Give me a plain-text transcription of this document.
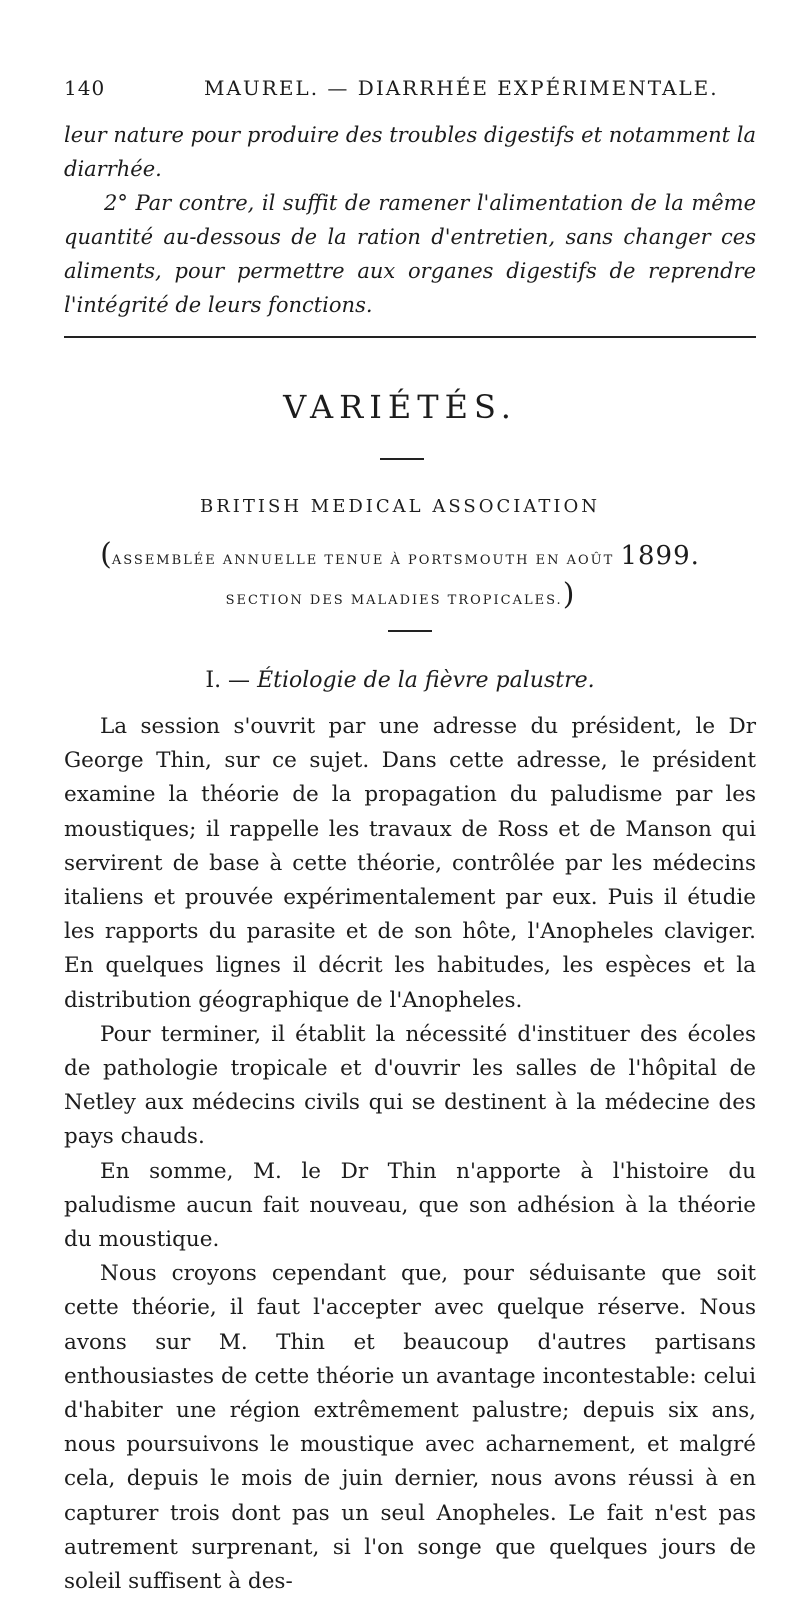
140	MAUREL. — DIARRHÉE EXPÉRIMENTALE.

leur nature pour produire des troubles digestifs et notamment la diarrhée.

2° Par contre, il suffit de ramener l'alimentation de la même quantité au-dessous de la ration d'entretien, sans changer ces aliments, pour permettre aux organes digestifs de reprendre l'intégrité de leurs fonctions.

VARIÉTÉS.
BRITISH MEDICAL ASSOCIATION
(ASSEMBLÉE ANNUELLE TENUE À PORTSMOUTH EN AOÛT 1899.
SECTION DES MALADIES TROPICALES.)
I. — Étiologie de la fièvre palustre.

La session s'ouvrit par une adresse du président, le Dr George Thin, sur ce sujet. Dans cette adresse, le président examine la théorie de la propagation du paludisme par les moustiques; il rappelle les travaux de Ross et de Manson qui servirent de base à cette théorie, contrôlée par les médecins italiens et prouvée expérimentalement par eux. Puis il étudie les rapports du parasite et de son hôte, l'Anopheles claviger. En quelques lignes il décrit les habitudes, les espèces et la distribution géographique de l'Anopheles.

Pour terminer, il établit la nécessité d'instituer des écoles de pathologie tropicale et d'ouvrir les salles de l'hôpital de Netley aux médecins civils qui se destinent à la médecine des pays chauds.

En somme, M. le Dr Thin n'apporte à l'histoire du paludisme aucun fait nouveau, que son adhésion à la théorie du moustique.

Nous croyons cependant que, pour séduisante que soit cette théorie, il faut l'accepter avec quelque réserve. Nous avons sur M. Thin et beaucoup d'autres partisans enthousiastes de cette théorie un avantage incontestable: celui d'habiter une région extrêmement palustre; depuis six ans, nous poursuivons le moustique avec acharnement, et malgré cela, depuis le mois de juin dernier, nous avons réussi à en capturer trois dont pas un seul Anopheles. Le fait n'est pas autrement surprenant, si l'on songe que quelques jours de soleil suffisent à des-
